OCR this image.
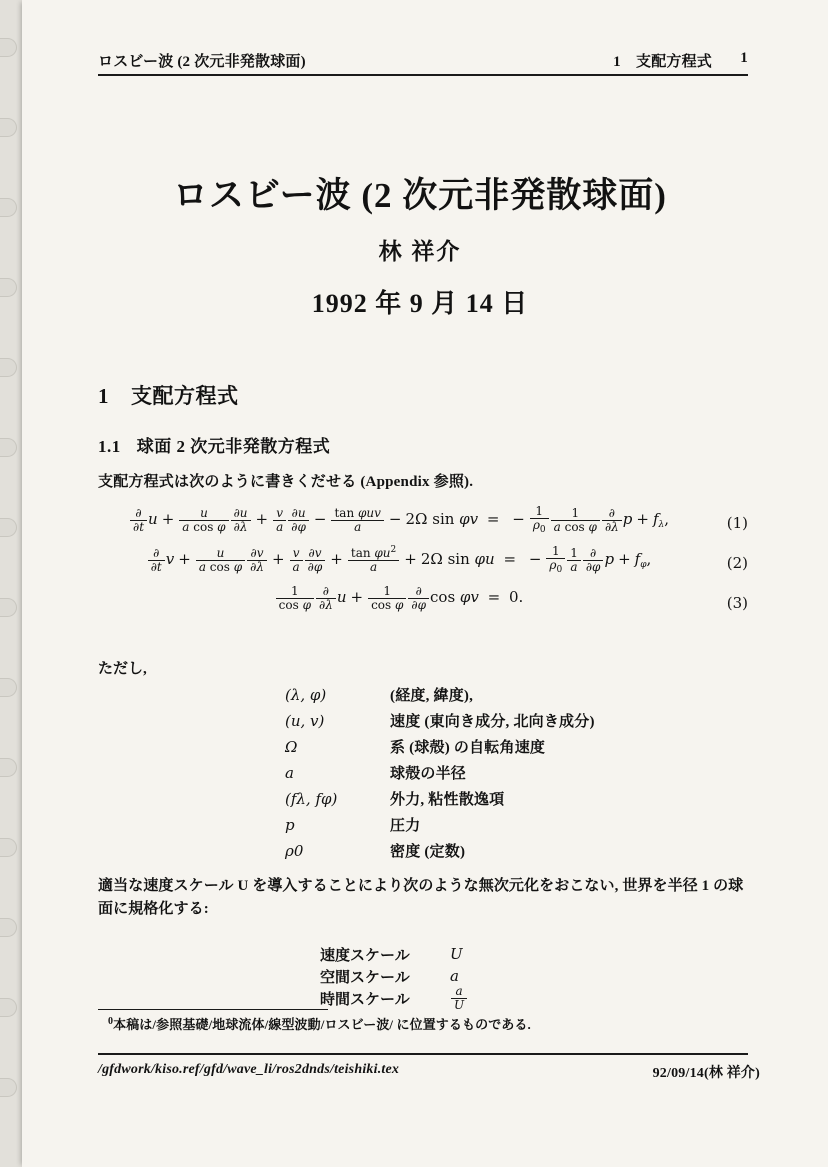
ロスビー波 (2 次元非発散球面)	1　支配方程式 1
ロスビー波 (2 次元非発散球面)
林 祥介
1992 年 9 月 14 日
1 支配方程式
1.1 球面 2 次元非発散方程式
支配方程式は次のように書きくだせる (Appendix 参照).
$\frac{\partial}{\partial t}$ $u + \frac{u}{\text{a cos φ}} \frac{\partial u}{\partial\lambda} + \frac{v}{a} \frac{\partial u}{\partial\varphi} - \frac{\text{tan φuv}}{a} - 2\Omega$ sin φv = − $\frac{1}{\rho_0} \frac{1}{\text{a cos φ}} \frac{\partial}{\partial\lambda}$ $p + f_\lambda$,	(1)
$\frac{\partial}{\partial t}$ $v + \frac{u}{\text{a cos φ}} \frac{\partial v}{\partial\lambda} + \frac{v}{a} \frac{\partial v}{\partial\varphi} + \frac{\tan \varphi u^2}{a} + 2\Omega$ sin φu = − $\frac{1}{\rho_0} \frac{1}{a} \frac{\partial}{\partial\varphi}$ $p + f_\varphi$,	(2)
$\frac{1}{\text{cos φ}} \frac{\partial}{\partial\lambda}$ $u + \frac{1}{\text{cos φ}} \frac{\partial}{\partial\varphi}$ cos φv = 0.	(3)
ただし,
(λ, φ)	(経度, 緯度),
(u, v)	速度 (東向き成分, 北向き成分)
Ω	系 (球殻) の自転角速度
a	球殻の半径
(fλ, fφ)	外力, 粘性散逸項
p	圧力
ρ0	密度 (定数)
適当な速度スケール U を導入することにより次のような無次元化をおこない, 世界を半径 1 の球面に規格化する:
速度スケール	U
空間スケール	a
時間スケール	$\frac{a}{U}$
$^0$本稿は/参照基礎/地球流体/線型波動/ロスビー波/ に位置するものである.
/gfdwork/kiso.ref/gfd/wave_li/ros2dnds/teishiki.tex	92/09/14(林 祥介)
